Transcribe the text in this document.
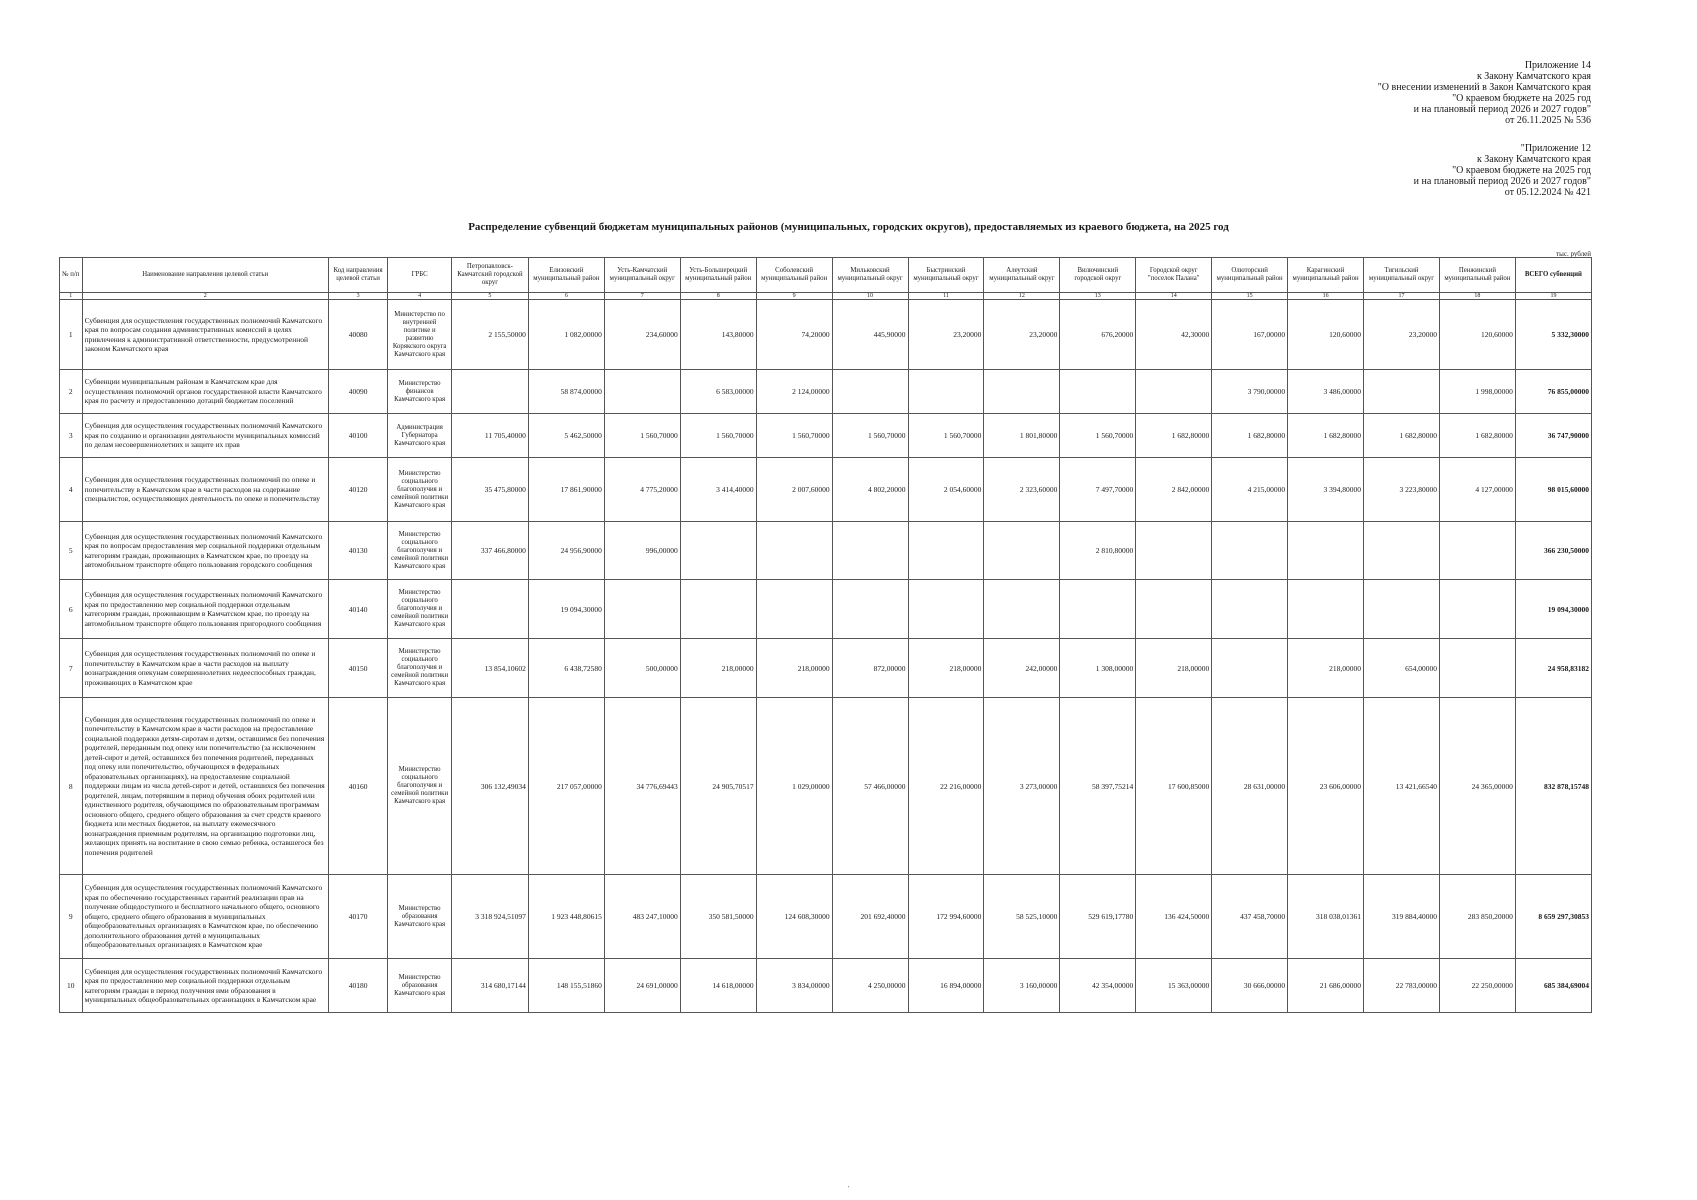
Приложение 14
к Закону Камчатского края
"О внесении изменений в Закон Камчатского края
"О краевом бюджете на 2025 год
и на плановый период 2026 и 2027 годов"
от 26.11.2025 № 536
"Приложение 12
к Закону Камчатского края
"О краевом бюджете на 2025 год
и на плановый период 2026 и 2027 годов"
от 05.12.2024 № 421
Распределение субвенций бюджетам муниципальных районов (муниципальных, городских округов), предоставляемых из краевого бюджета, на 2025 год
тыс. рублей
№ п/п	Наименование направления целевой статьи	Код направления целевой статьи	ГРБС	Петропавловск-Камчатский городской округ	Елизовский муниципальный район	Усть-Камчатский муниципальный округ	Усть-Большерецкий муниципальный район	Соболевский муниципальный район	Мильковский муниципальный округ	Быстринский муниципальный округ	Алеутский муниципальный округ	Вилючинский городской округ	Городской округ "поселок Палана"	Олюторский муниципальный район	Карагинский муниципальный район	Тигильский муниципальный округ	Пенжинский муниципальный район	ВСЕГО субвенций
1	2	3	4	5	6	7	8	9	10	11	12	13	14	15	16	17	18	19
1	Субвенция для осуществления государственных полномочий Камчатского края по вопросам создания административных комиссий в целях привлечения к административной ответственности, предусмотренной законом Камчатского края	40080	Министерство по внутренней политике и развитию Корякского округа Камчатского края	2 155,50000	1 082,00000	234,60000	143,80000	74,20000	445,90000	23,20000	23,20000	676,20000	42,30000	167,00000	120,60000	23,20000	120,60000	5 332,30000
2	Субвенции муниципальным районам в Камчатском крае для осуществления полномочий органов государственной власти Камчатского края по расчету и предоставлению дотаций бюджетам поселений	40090	Министерство финансов Камчатского края		58 874,00000		6 583,00000	2 124,00000						3 790,00000	3 486,00000		1 998,00000	76 855,00000
3	Субвенция для осуществления государственных полномочий Камчатского края по созданию и организации деятельности муниципальных комиссий по делам несовершеннолетних и защите их прав	40100	Администрация Губернатора Камчатского края	11 705,40000	5 462,50000	1 560,70000	1 560,70000	1 560,70000	1 560,70000	1 560,70000	1 801,80000	1 560,70000	1 682,80000	1 682,80000	1 682,80000	1 682,80000	1 682,80000	36 747,90000
4	Субвенция для осуществления государственных полномочий по опеке и попечительству в Камчатском крае в части расходов на содержание специалистов, осуществляющих деятельность по опеке и попечительству	40120	Министерство социального благополучия и семейной политики Камчатского края	35 475,80000	17 861,90000	4 775,20000	3 414,40000	2 007,60000	4 802,20000	2 054,60000	2 323,60000	7 497,70000	2 842,00000	4 215,00000	3 394,80000	3 223,80000	4 127,00000	98 015,60000
5	Субвенция для осуществления государственных полномочий Камчатского края по вопросам предоставления мер социальной поддержки отдельным категориям граждан, проживающих в Камчатском крае, по проезду на автомобильном транспорте общего пользования городского сообщения	40130	Министерство социального благополучия и семейной политики Камчатского края	337 466,80000	24 956,90000	996,00000						2 810,80000						366 230,50000
6	Субвенция для осуществления государственных полномочий Камчатского края по предоставлению мер социальной поддержки отдельным категориям граждан, проживающим в Камчатском крае, по проезду на автомобильном транспорте общего пользования пригородного сообщения	40140	Министерство социального благополучия и семейной политики Камчатского края		19 094,30000													19 094,30000
7	Субвенция для осуществления государственных полномочий по опеке и попечительству в Камчатском крае в части расходов на выплату вознаграждения опекунам совершеннолетних недееспособных граждан, проживающих в Камчатском крае	40150	Министерство социального благополучия и семейной политики Камчатского края	13 854,10602	6 438,72580	500,00000	218,00000	218,00000	872,00000	218,00000	242,00000	1 308,00000	218,00000		218,00000	654,00000		24 958,83182
8	Субвенция для осуществления государственных полномочий по опеке и попечительству в Камчатском крае в части расходов на предоставление социальной поддержки детям-сиротам и детям, оставшимся без попечения родителей, переданным под опеку или попечительство (за исключением детей-сирот и детей, оставшихся без попечения родителей, переданных под опеку или попечительство, обучающихся в федеральных образовательных организациях), на предоставление социальной поддержки лицам из числа детей-сирот и детей, оставшихся без попечения родителей, лицам, потерявшим в период обучения обоих родителей или единственного родителя, обучающимся по образовательным программам основного общего, среднего общего образования за счет средств краевого бюджета или местных бюджетов, на выплату ежемесячного вознаграждения приемным родителям, на организацию подготовки лиц, желающих принять на воспитание в свою семью ребенка, оставшегося без попечения родителей	40160	Министерство социального благополучия и семейной политики Камчатского края	306 132,49034	217 057,00000	34 776,69443	24 905,70517	1 029,00000	57 466,00000	22 216,00000	3 273,00000	58 397,75214	17 600,85000	28 631,00000	23 606,00000	13 421,66540	24 365,00000	832 878,15748
9	Субвенция для осуществления государственных полномочий Камчатского края по обеспечению государственных гарантий реализации прав на получение общедоступного и бесплатного начального общего, основного общего, среднего общего образования в муниципальных общеобразовательных организациях в Камчатском крае, по обеспечению дополнительного образования детей в муниципальных общеобразовательных организациях в Камчатском крае	40170	Министерство образования Камчатского края	3 318 924,51097	1 923 448,80615	483 247,10000	350 581,50000	124 608,30000	201 692,40000	172 994,60000	58 525,10000	529 619,17780	136 424,50000	437 458,70000	318 038,01361	319 884,40000	283 850,20000	8 659 297,30853
10	Субвенция для осуществления государственных полномочий Камчатского края по предоставлению мер социальной поддержки отдельным категориям граждан в период получения ими образования в муниципальных общеобразовательных организациях в Камчатском крае	40180	Министерство образования Камчатского края	314 680,17144	148 155,51860	24 691,00000	14 618,00000	3 834,00000	4 250,00000	16 894,00000	3 160,00000	42 354,00000	15 363,00000	30 666,00000	21 686,00000	22 783,00000	22 250,00000	685 384,69004
'
